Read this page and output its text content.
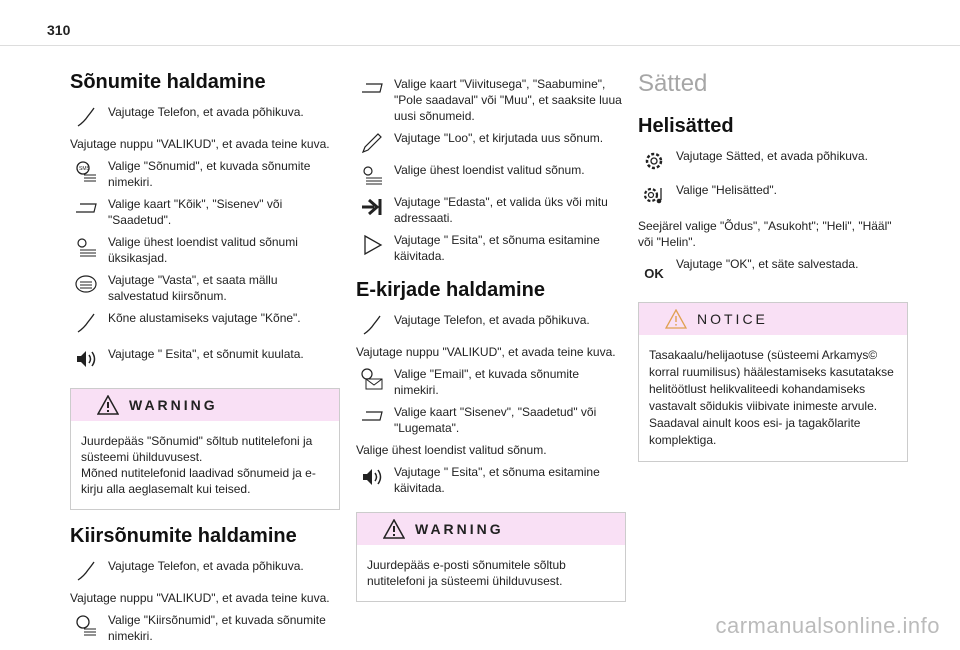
310
Sõnumite haldamine
Vajutage Telefon, et avada põhikuva.
Vajutage nuppu "VALIKUD", et avada teine kuva.
SMS Valige "Sõnumid", et kuvada sõnumite nimekiri.
Valige kaart "Kõik", "Sisenev" või "Saadetud".
Valige ühest loendist valitud sõnumi üksikasjad.
Vajutage "Vasta", et saata mällu salvestatud kiirsõnum.
Kõne alustamiseks vajutage "Kõne".
Vajutage " Esita", et sõnumit kuulata.
WARNING
Juurdepääs "Sõnumid" sõltub nutitelefoni ja süsteemi ühilduvusest.
Mõned nutitelefonid laadivad sõnumeid ja e-kirju alla aeglasemalt kui teised.
Kiirsõnumite haldamine
Vajutage Telefon, et avada põhikuva.
Vajutage nuppu "VALIKUD", et avada teine kuva.
Valige "Kiirsõnumid", et kuvada sõnumite nimekiri.
Valige kaart "Viivitusega", "Saabumine", "Pole saadaval" või "Muu", et saaksite luua uusi sõnumeid.
Vajutage "Loo", et kirjutada uus sõnum.
Valige ühest loendist valitud sõnum.
Vajutage "Edasta", et valida üks või mitu adressaati.
Vajutage " Esita", et sõnuma esitamine käivitada.
E-kirjade haldamine
Vajutage Telefon, et avada põhikuva.
Vajutage nuppu "VALIKUD", et avada teine kuva.
Valige "Email", et kuvada sõnumite nimekiri.
Valige kaart "Sisenev", "Saadetud" või "Lugemata".
Valige ühest loendist valitud sõnum.
Vajutage " Esita", et sõnuma esitamine käivitada.
WARNING
Juurdepääs e-posti sõnumitele sõltub nutitelefoni ja süsteemi ühilduvusest.
Sätted
Helisätted
Vajutage Sätted, et avada põhikuva.
Valige "Helisätted".
Seejärel valige "Õdus", "Asukoht"; "Heli", "Hääl" või "Helin".
OK
Vajutage "OK", et säte salvestada.
NOTICE
Tasakaalu/helijaotuse (süsteemi Arkamys© korral ruumilisus) häälestamiseks kasutatakse helitöötlust helikvaliteedi kohandamiseks vastavalt sõidukis viibivate inimeste arvule. Saadaval ainult koos esi- ja tagakõlarite komplektiga.
carmanualsonline.info
